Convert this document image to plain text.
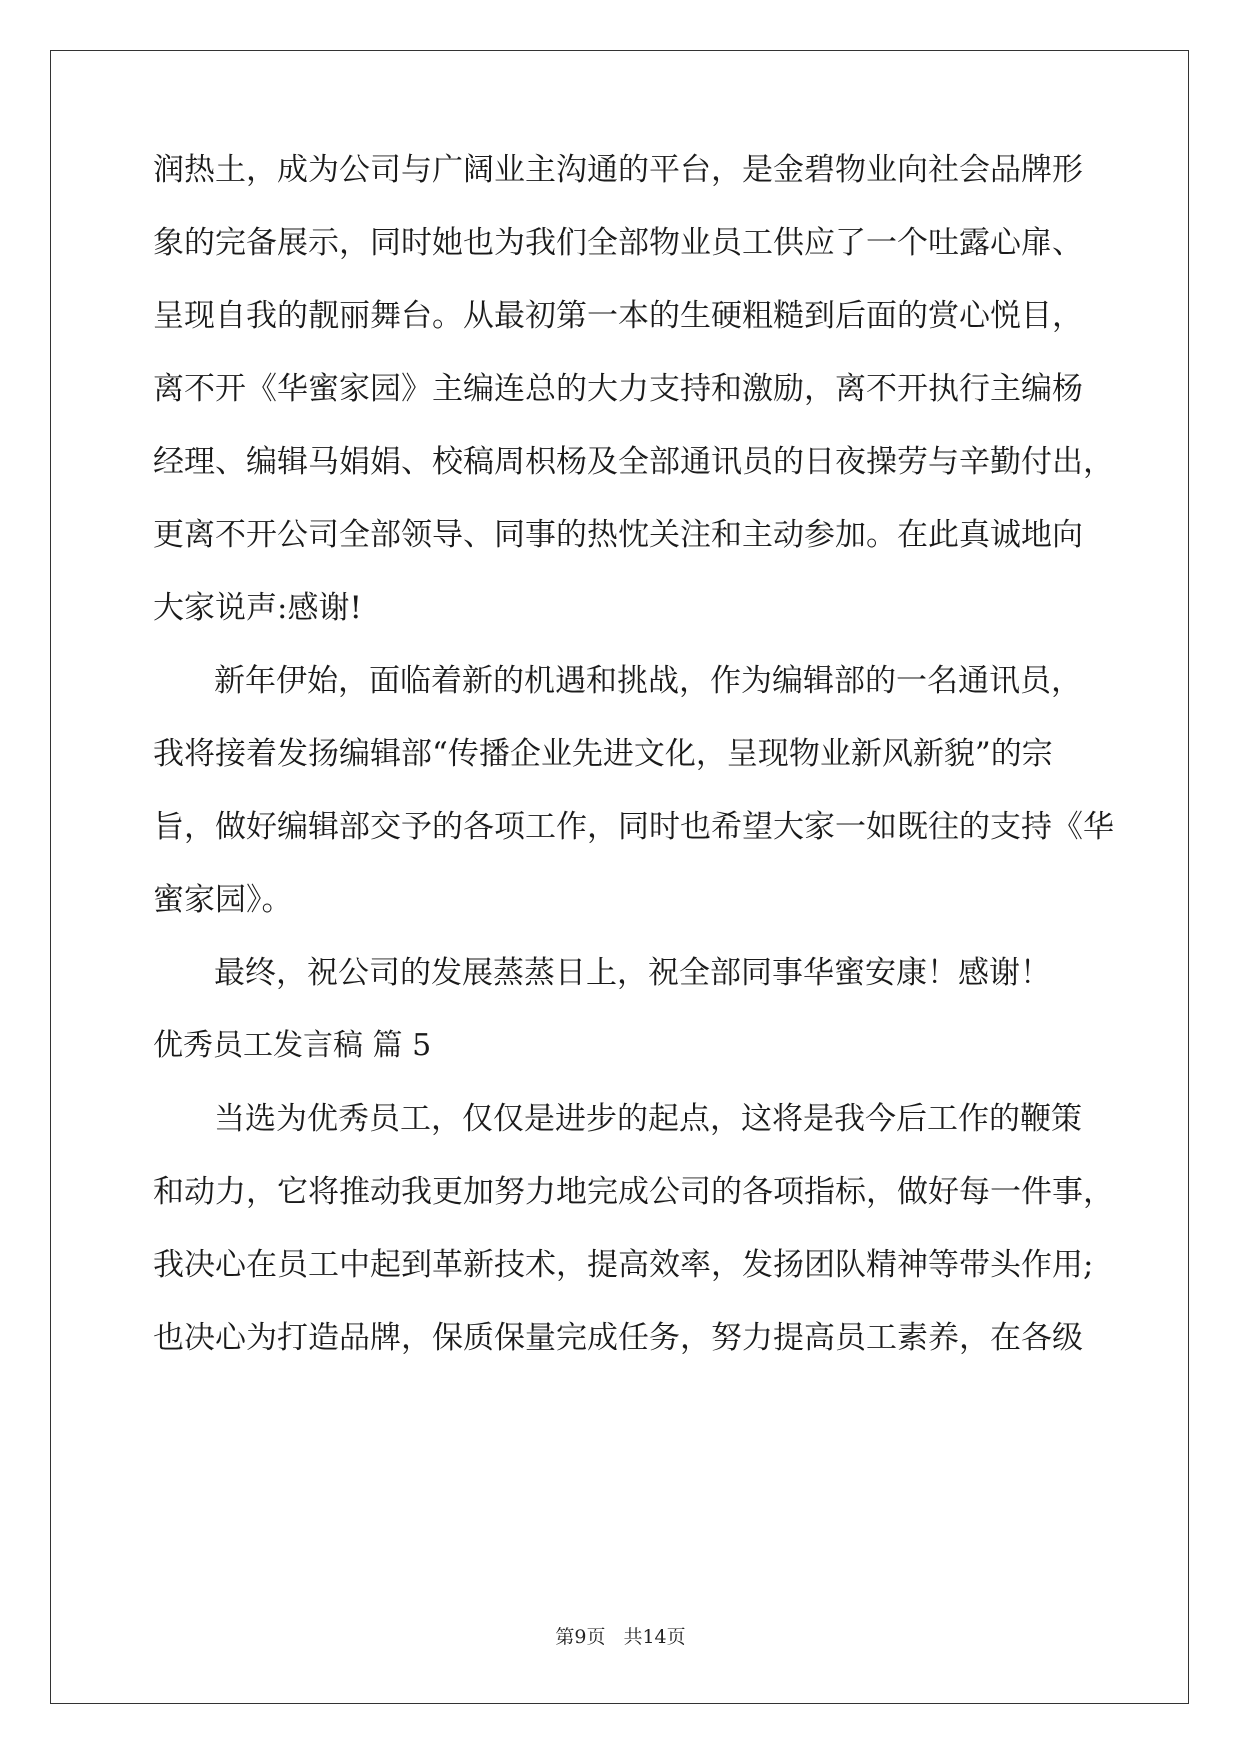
润热土，成为公司与广阔业主沟通的平台，是金碧物业向社会品牌形

象的完备展示，同时她也为我们全部物业员工供应了一个吐露心扉、

呈现自我的靓丽舞台。从最初第一本的生硬粗糙到后面的赏心悦目，

离不开《华蜜家园》主编连总的大力支持和激励，离不开执行主编杨

经理、编辑马娟娟、校稿周枳杨及全部通讯员的日夜操劳与辛勤付出，

更离不开公司全部领导、同事的热忱关注和主动参加。在此真诚地向

大家说声:感谢!

新年伊始，面临着新的机遇和挑战，作为编辑部的一名通讯员，

我将接着发扬编辑部“传播企业先进文化，呈现物业新风新貌”的宗

旨，做好编辑部交予的各项工作，同时也希望大家一如既往的支持《华

蜜家园》。

最终，祝公司的发展蒸蒸日上，祝全部同事华蜜安康！感谢！

优秀员工发言稿 篇 5

当选为优秀员工，仅仅是进步的起点，这将是我今后工作的鞭策

和动力，它将推动我更加努力地完成公司的各项指标，做好每一件事，

我决心在员工中起到革新技术，提高效率，发扬团队精神等带头作用;

也决心为打造品牌，保质保量完成任务，努力提高员工素养，在各级

第9页 共14页
